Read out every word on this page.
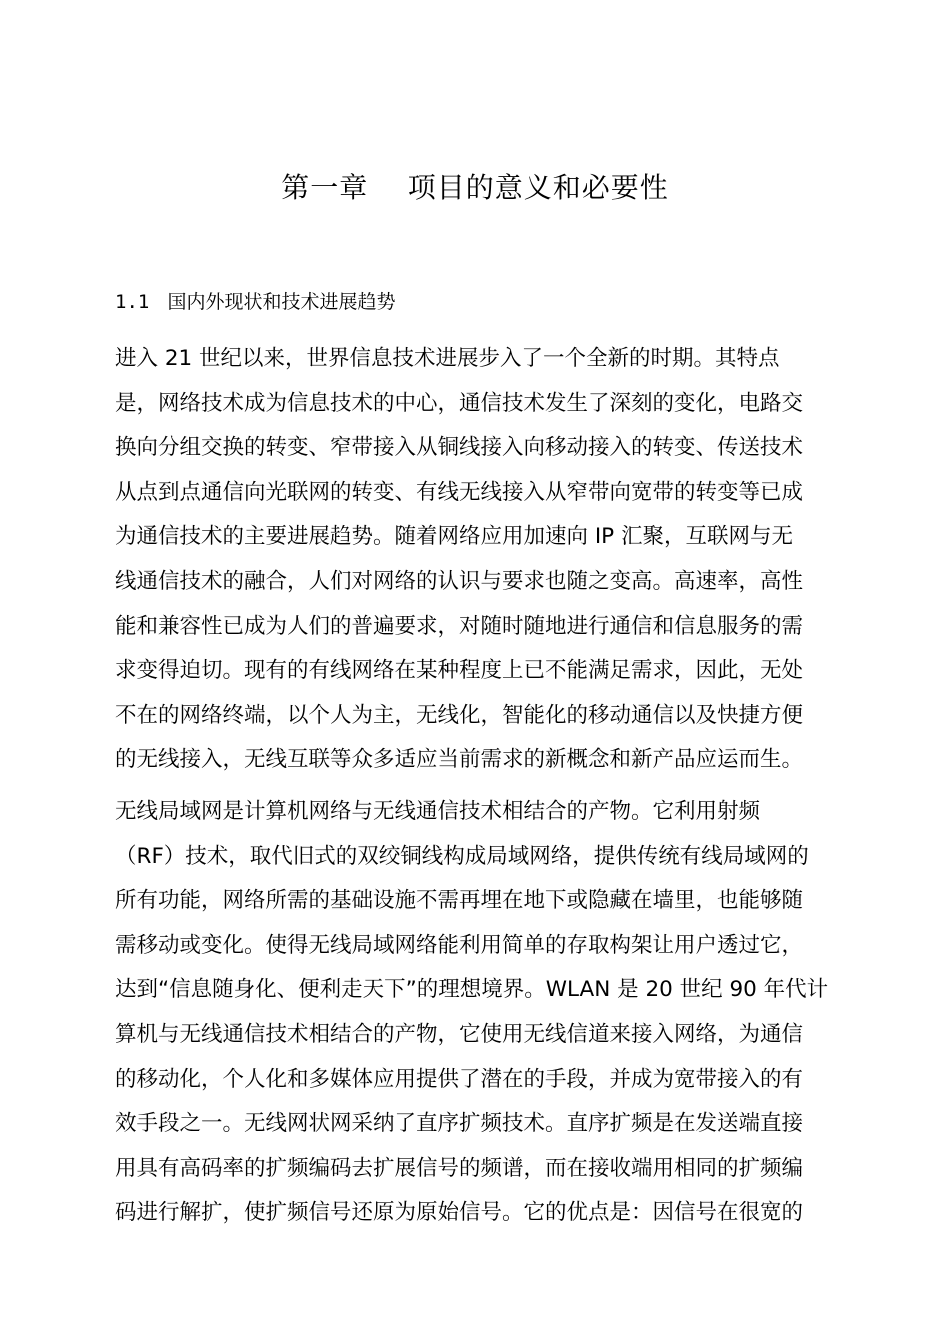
第一章    项目的意义和必要性
1.1 国内外现状和技术进展趋势
进入 21 世纪以来，世界信息技术进展步入了一个全新的时期。其特点
是，网络技术成为信息技术的中心，通信技术发生了深刻的变化，电路交
换向分组交换的转变、窄带接入从铜线接入向移动接入的转变、传送技术
从点到点通信向光联网的转变、有线无线接入从窄带向宽带的转变等已成
为通信技术的主要进展趋势。随着网络应用加速向 IP 汇聚，互联网与无
线通信技术的融合，人们对网络的认识与要求也随之变高。高速率，高性
能和兼容性已成为人们的普遍要求，对随时随地进行通信和信息服务的需
求变得迫切。现有的有线网络在某种程度上已不能满足需求，因此，无处
不在的网络终端，以个人为主，无线化，智能化的移动通信以及快捷方便
的无线接入，无线互联等众多适应当前需求的新概念和新产品应运而生。
无线局域网是计算机网络与无线通信技术相结合的产物。它利用射频
（RF）技术，取代旧式的双绞铜线构成局域网络，提供传统有线局域网的
所有功能，网络所需的基础设施不需再埋在地下或隐藏在墙里，也能够随
需移动或变化。使得无线局域网络能利用简单的存取构架让用户透过它，
达到“信息随身化、便利走天下”的理想境界。WLAN 是 20 世纪 90 年代计
算机与无线通信技术相结合的产物，它使用无线信道来接入网络，为通信
的移动化，个人化和多媒体应用提供了潜在的手段，并成为宽带接入的有
效手段之一。无线网状网采纳了直序扩频技术。直序扩频是在发送端直接
用具有高码率的扩频编码去扩展信号的频谱，而在接收端用相同的扩频编
码进行解扩，使扩频信号还原为原始信号。它的优点是：因信号在很宽的
